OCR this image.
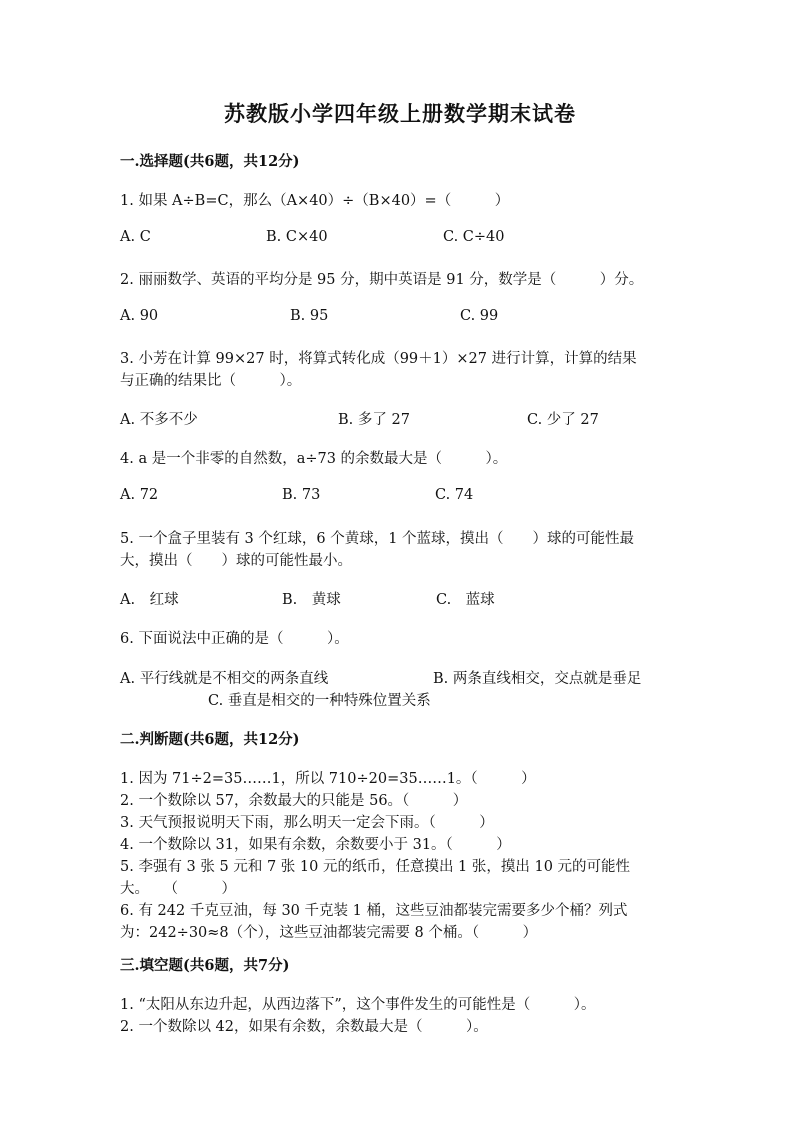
苏教版小学四年级上册数学期末试卷
一.选择题(共6题，共12分)
1. 如果 A÷B=C，那么（A×40）÷（B×40）=（　　　）
A. C	B. C×40	C. C÷40
2. 丽丽数学、英语的平均分是 95 分，期中英语是 91 分，数学是（　　　）分。
A. 90	B. 95	C. 99
3. 小芳在计算 99×27 时，将算式转化成（99＋1）×27 进行计算，计算的结果
与正确的结果比（　　　）。
A. 不多不少	B. 多了 27	C. 少了 27
4. a 是一个非零的自然数，a÷73 的余数最大是（　　　）。
A. 72	B. 73	C. 74
5. 一个盒子里装有 3 个红球，6 个黄球，1 个蓝球，摸出（　　）球的可能性最
大，摸出（　　）球的可能性最小。
A.　红球	B.　黄球	C.　蓝球
6. 下面说法中正确的是（　　　）。
A. 平行线就是不相交的两条直线	B. 两条直线相交，交点就是垂足
C. 垂直是相交的一种特殊位置关系
二.判断题(共6题，共12分)
1. 因为 71÷2=35……1，所以 710÷20=35……1。（　　　）
2. 一个数除以 57，余数最大的只能是 56。（　　　）
3. 天气预报说明天下雨，那么明天一定会下雨。（　　　）
4. 一个数除以 31，如果有余数，余数要小于 31。（　　　）
5. 李强有 3 张 5 元和 7 张 10 元的纸币，任意摸出 1 张，摸出 10 元的可能性
大。　　（　　　）
6. 有 242 千克豆油，每 30 千克装 1 桶，这些豆油都装完需要多少个桶？列式
为：242÷30≈8（个），这些豆油都装完需要 8 个桶。（　　　）
三.填空题(共6题，共7分)
1. “太阳从东边升起，从西边落下”，这个事件发生的可能性是（　　　）。
2. 一个数除以 42，如果有余数，余数最大是（　　　）。
